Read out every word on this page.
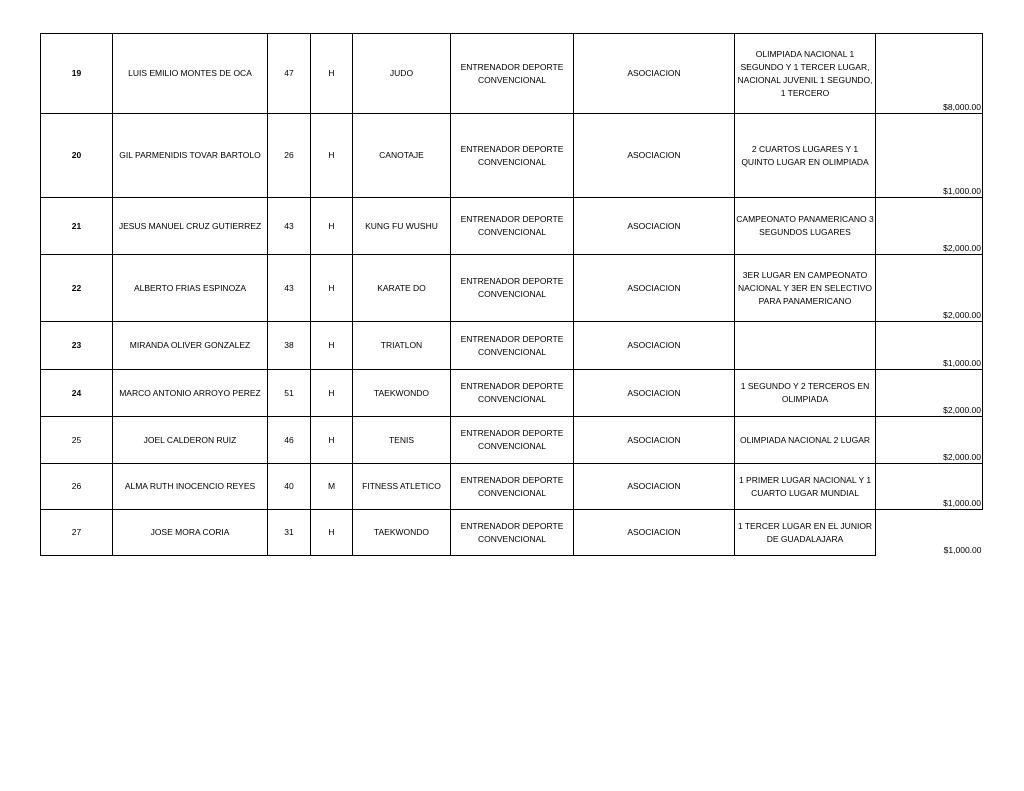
19	LUIS EMILIO MONTES DE OCA	47	H	JUDO	ENTRENADOR DEPORTE CONVENCIONAL	ASOCIACION	OLIMPIADA NACIONAL 1 SEGUNDO Y 1 TERCER LUGAR, NACIONAL JUVENIL 1 SEGUNDO, 1 TERCERO	$8,000.00

20	GIL PARMENIDIS TOVAR BARTOLO	26	H	CANOTAJE	ENTRENADOR DEPORTE CONVENCIONAL	ASOCIACION	2 CUARTOS LUGARES Y 1 QUINTO LUGAR EN OLIMPIADA	$1,000.00

21	JESUS MANUEL CRUZ GUTIERREZ	43	H	KUNG FU WUSHU	ENTRENADOR DEPORTE CONVENCIONAL	ASOCIACION	CAMPEONATO PANAMERICANO 3 SEGUNDOS LUGARES	$2,000.00

22	ALBERTO FRIAS ESPINOZA	43	H	KARATE DO	ENTRENADOR DEPORTE CONVENCIONAL	ASOCIACION	3ER LUGAR EN CAMPEONATO NACIONAL Y 3ER EN SELECTIVO PARA PANAMERICANO	$2,000.00

23	MIRANDA OLIVER GONZALEZ	38	H	TRIATLON	ENTRENADOR DEPORTE CONVENCIONAL	ASOCIACION		$1,000.00

24	MARCO ANTONIO ARROYO PEREZ	51	H	TAEKWONDO	ENTRENADOR DEPORTE CONVENCIONAL	ASOCIACION	1 SEGUNDO Y 2 TERCEROS EN OLIMPIADA	$2,000.00

25	JOEL CALDERON RUIZ	46	H	TENIS	ENTRENADOR DEPORTE CONVENCIONAL	ASOCIACION	OLIMPIADA NACIONAL 2 LUGAR	$2,000.00

26	ALMA RUTH INOCENCIO REYES	40	M	FITNESS ATLETICO	ENTRENADOR DEPORTE CONVENCIONAL	ASOCIACION	1 PRIMER LUGAR NACIONAL Y 1 CUARTO LUGAR MUNDIAL	$1,000.00

27	JOSE MORA CORIA	31	H	TAEKWONDO	ENTRENADOR DEPORTE CONVENCIONAL	ASOCIACION	1 TERCER LUGAR EN EL JUNIOR DE GUADALAJARA	$1,000.00
